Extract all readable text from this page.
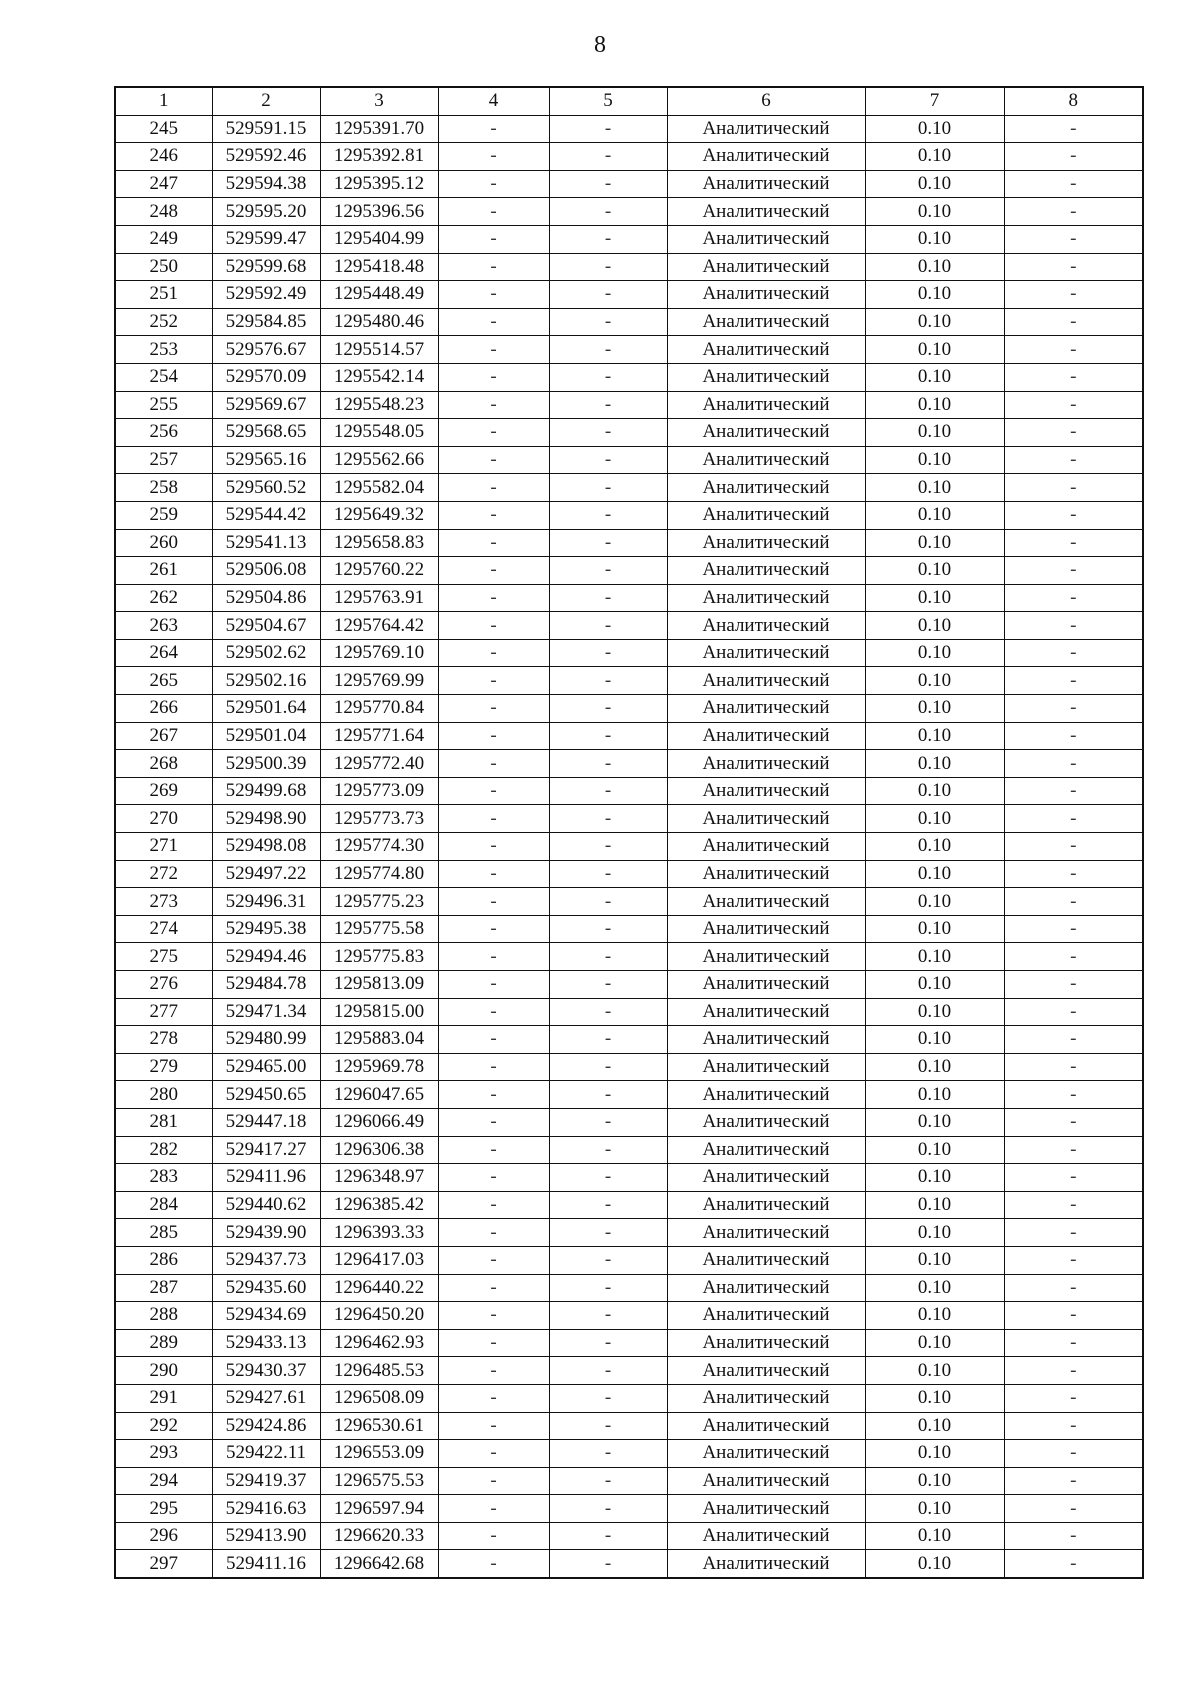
8
1	2	3	4	5	6	7	8
245	529591.15	1295391.70	-	-	Аналитический	0.10	-
246	529592.46	1295392.81	-	-	Аналитический	0.10	-
247	529594.38	1295395.12	-	-	Аналитический	0.10	-
248	529595.20	1295396.56	-	-	Аналитический	0.10	-
249	529599.47	1295404.99	-	-	Аналитический	0.10	-
250	529599.68	1295418.48	-	-	Аналитический	0.10	-
251	529592.49	1295448.49	-	-	Аналитический	0.10	-
252	529584.85	1295480.46	-	-	Аналитический	0.10	-
253	529576.67	1295514.57	-	-	Аналитический	0.10	-
254	529570.09	1295542.14	-	-	Аналитический	0.10	-
255	529569.67	1295548.23	-	-	Аналитический	0.10	-
256	529568.65	1295548.05	-	-	Аналитический	0.10	-
257	529565.16	1295562.66	-	-	Аналитический	0.10	-
258	529560.52	1295582.04	-	-	Аналитический	0.10	-
259	529544.42	1295649.32	-	-	Аналитический	0.10	-
260	529541.13	1295658.83	-	-	Аналитический	0.10	-
261	529506.08	1295760.22	-	-	Аналитический	0.10	-
262	529504.86	1295763.91	-	-	Аналитический	0.10	-
263	529504.67	1295764.42	-	-	Аналитический	0.10	-
264	529502.62	1295769.10	-	-	Аналитический	0.10	-
265	529502.16	1295769.99	-	-	Аналитический	0.10	-
266	529501.64	1295770.84	-	-	Аналитический	0.10	-
267	529501.04	1295771.64	-	-	Аналитический	0.10	-
268	529500.39	1295772.40	-	-	Аналитический	0.10	-
269	529499.68	1295773.09	-	-	Аналитический	0.10	-
270	529498.90	1295773.73	-	-	Аналитический	0.10	-
271	529498.08	1295774.30	-	-	Аналитический	0.10	-
272	529497.22	1295774.80	-	-	Аналитический	0.10	-
273	529496.31	1295775.23	-	-	Аналитический	0.10	-
274	529495.38	1295775.58	-	-	Аналитический	0.10	-
275	529494.46	1295775.83	-	-	Аналитический	0.10	-
276	529484.78	1295813.09	-	-	Аналитический	0.10	-
277	529471.34	1295815.00	-	-	Аналитический	0.10	-
278	529480.99	1295883.04	-	-	Аналитический	0.10	-
279	529465.00	1295969.78	-	-	Аналитический	0.10	-
280	529450.65	1296047.65	-	-	Аналитический	0.10	-
281	529447.18	1296066.49	-	-	Аналитический	0.10	-
282	529417.27	1296306.38	-	-	Аналитический	0.10	-
283	529411.96	1296348.97	-	-	Аналитический	0.10	-
284	529440.62	1296385.42	-	-	Аналитический	0.10	-
285	529439.90	1296393.33	-	-	Аналитический	0.10	-
286	529437.73	1296417.03	-	-	Аналитический	0.10	-
287	529435.60	1296440.22	-	-	Аналитический	0.10	-
288	529434.69	1296450.20	-	-	Аналитический	0.10	-
289	529433.13	1296462.93	-	-	Аналитический	0.10	-
290	529430.37	1296485.53	-	-	Аналитический	0.10	-
291	529427.61	1296508.09	-	-	Аналитический	0.10	-
292	529424.86	1296530.61	-	-	Аналитический	0.10	-
293	529422.11	1296553.09	-	-	Аналитический	0.10	-
294	529419.37	1296575.53	-	-	Аналитический	0.10	-
295	529416.63	1296597.94	-	-	Аналитический	0.10	-
296	529413.90	1296620.33	-	-	Аналитический	0.10	-
297	529411.16	1296642.68	-	-	Аналитический	0.10	-
